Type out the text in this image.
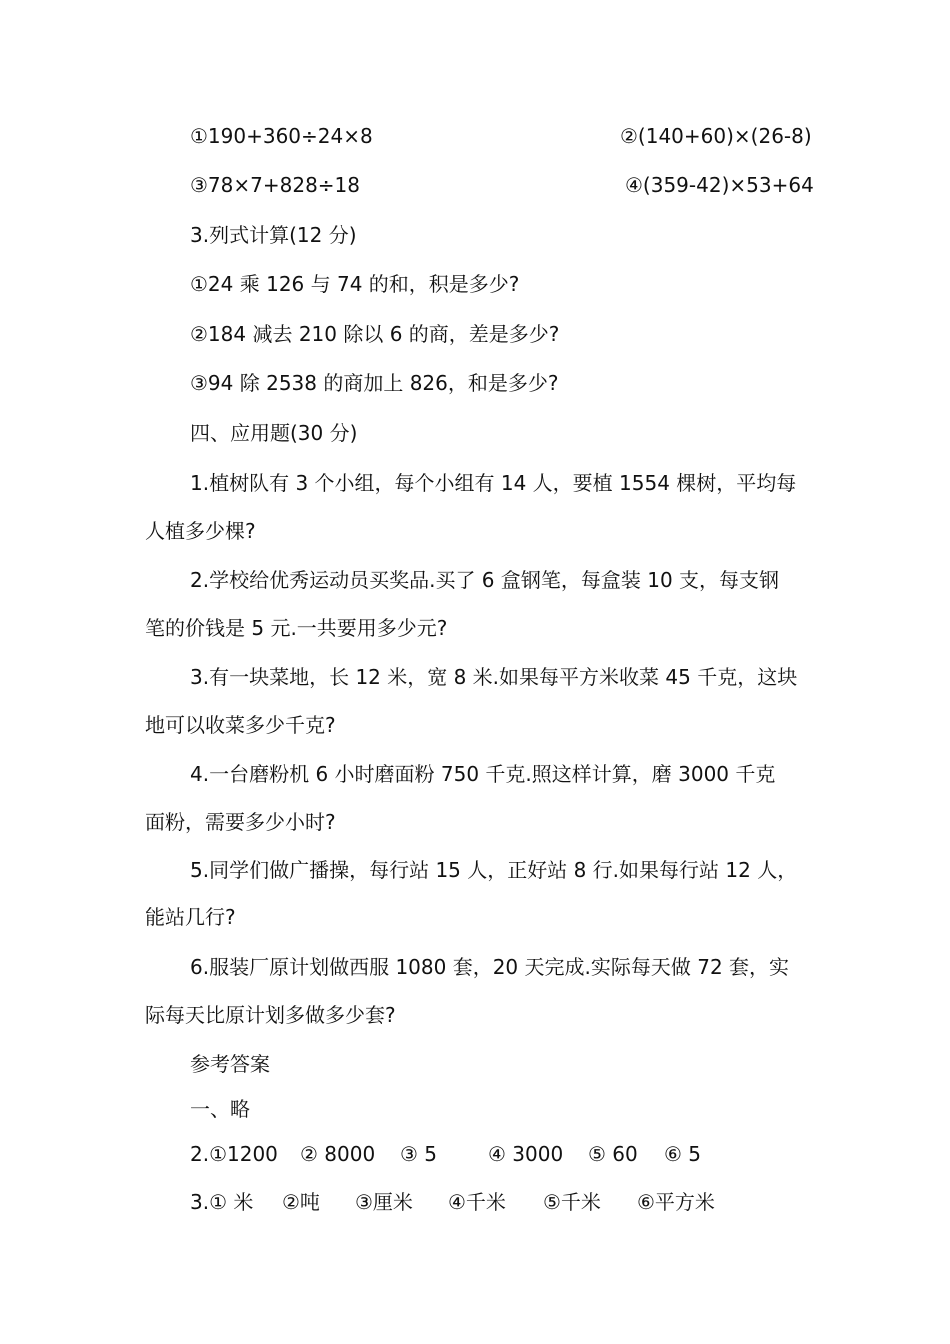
①190+360÷24×8	②(140+60)×(26-8)
③78×7+828÷18	④(359-42)×53+64
3.列式计算(12 分)
①24 乘 126 与 74 的和，积是多少?
②184 减去 210 除以 6 的商，差是多少?
③94 除 2538 的商加上 826，和是多少?
四、应用题(30 分)
1.植树队有 3 个小组，每个小组有 14 人，要植 1554 棵树，平均每
人植多少棵?
2.学校给优秀运动员买奖品.买了 6 盒钢笔，每盒装 10 支，每支钢
笔的价钱是 5 元.一共要用多少元?
3.有一块菜地，长 12 米，宽 8 米.如果每平方米收菜 45 千克，这块
地可以收菜多少千克?
4.一台磨粉机 6 小时磨面粉 750 千克.照这样计算，磨 3000 千克
面粉，需要多少小时?
5.同学们做广播操，每行站 15 人，正好站 8 行.如果每行站 12 人，
能站几行?
6.服装厂原计划做西服 1080 套，20 天完成.实际每天做 72 套，实
际每天比原计划多做多少套?
参考答案
一、略
2.①1200 ② 8000 ③ 5	④ 3000 ⑤ 60 ⑥ 5
3.① 米 ②吨 ③厘米 ④千米 ⑤千米 ⑥平方米
